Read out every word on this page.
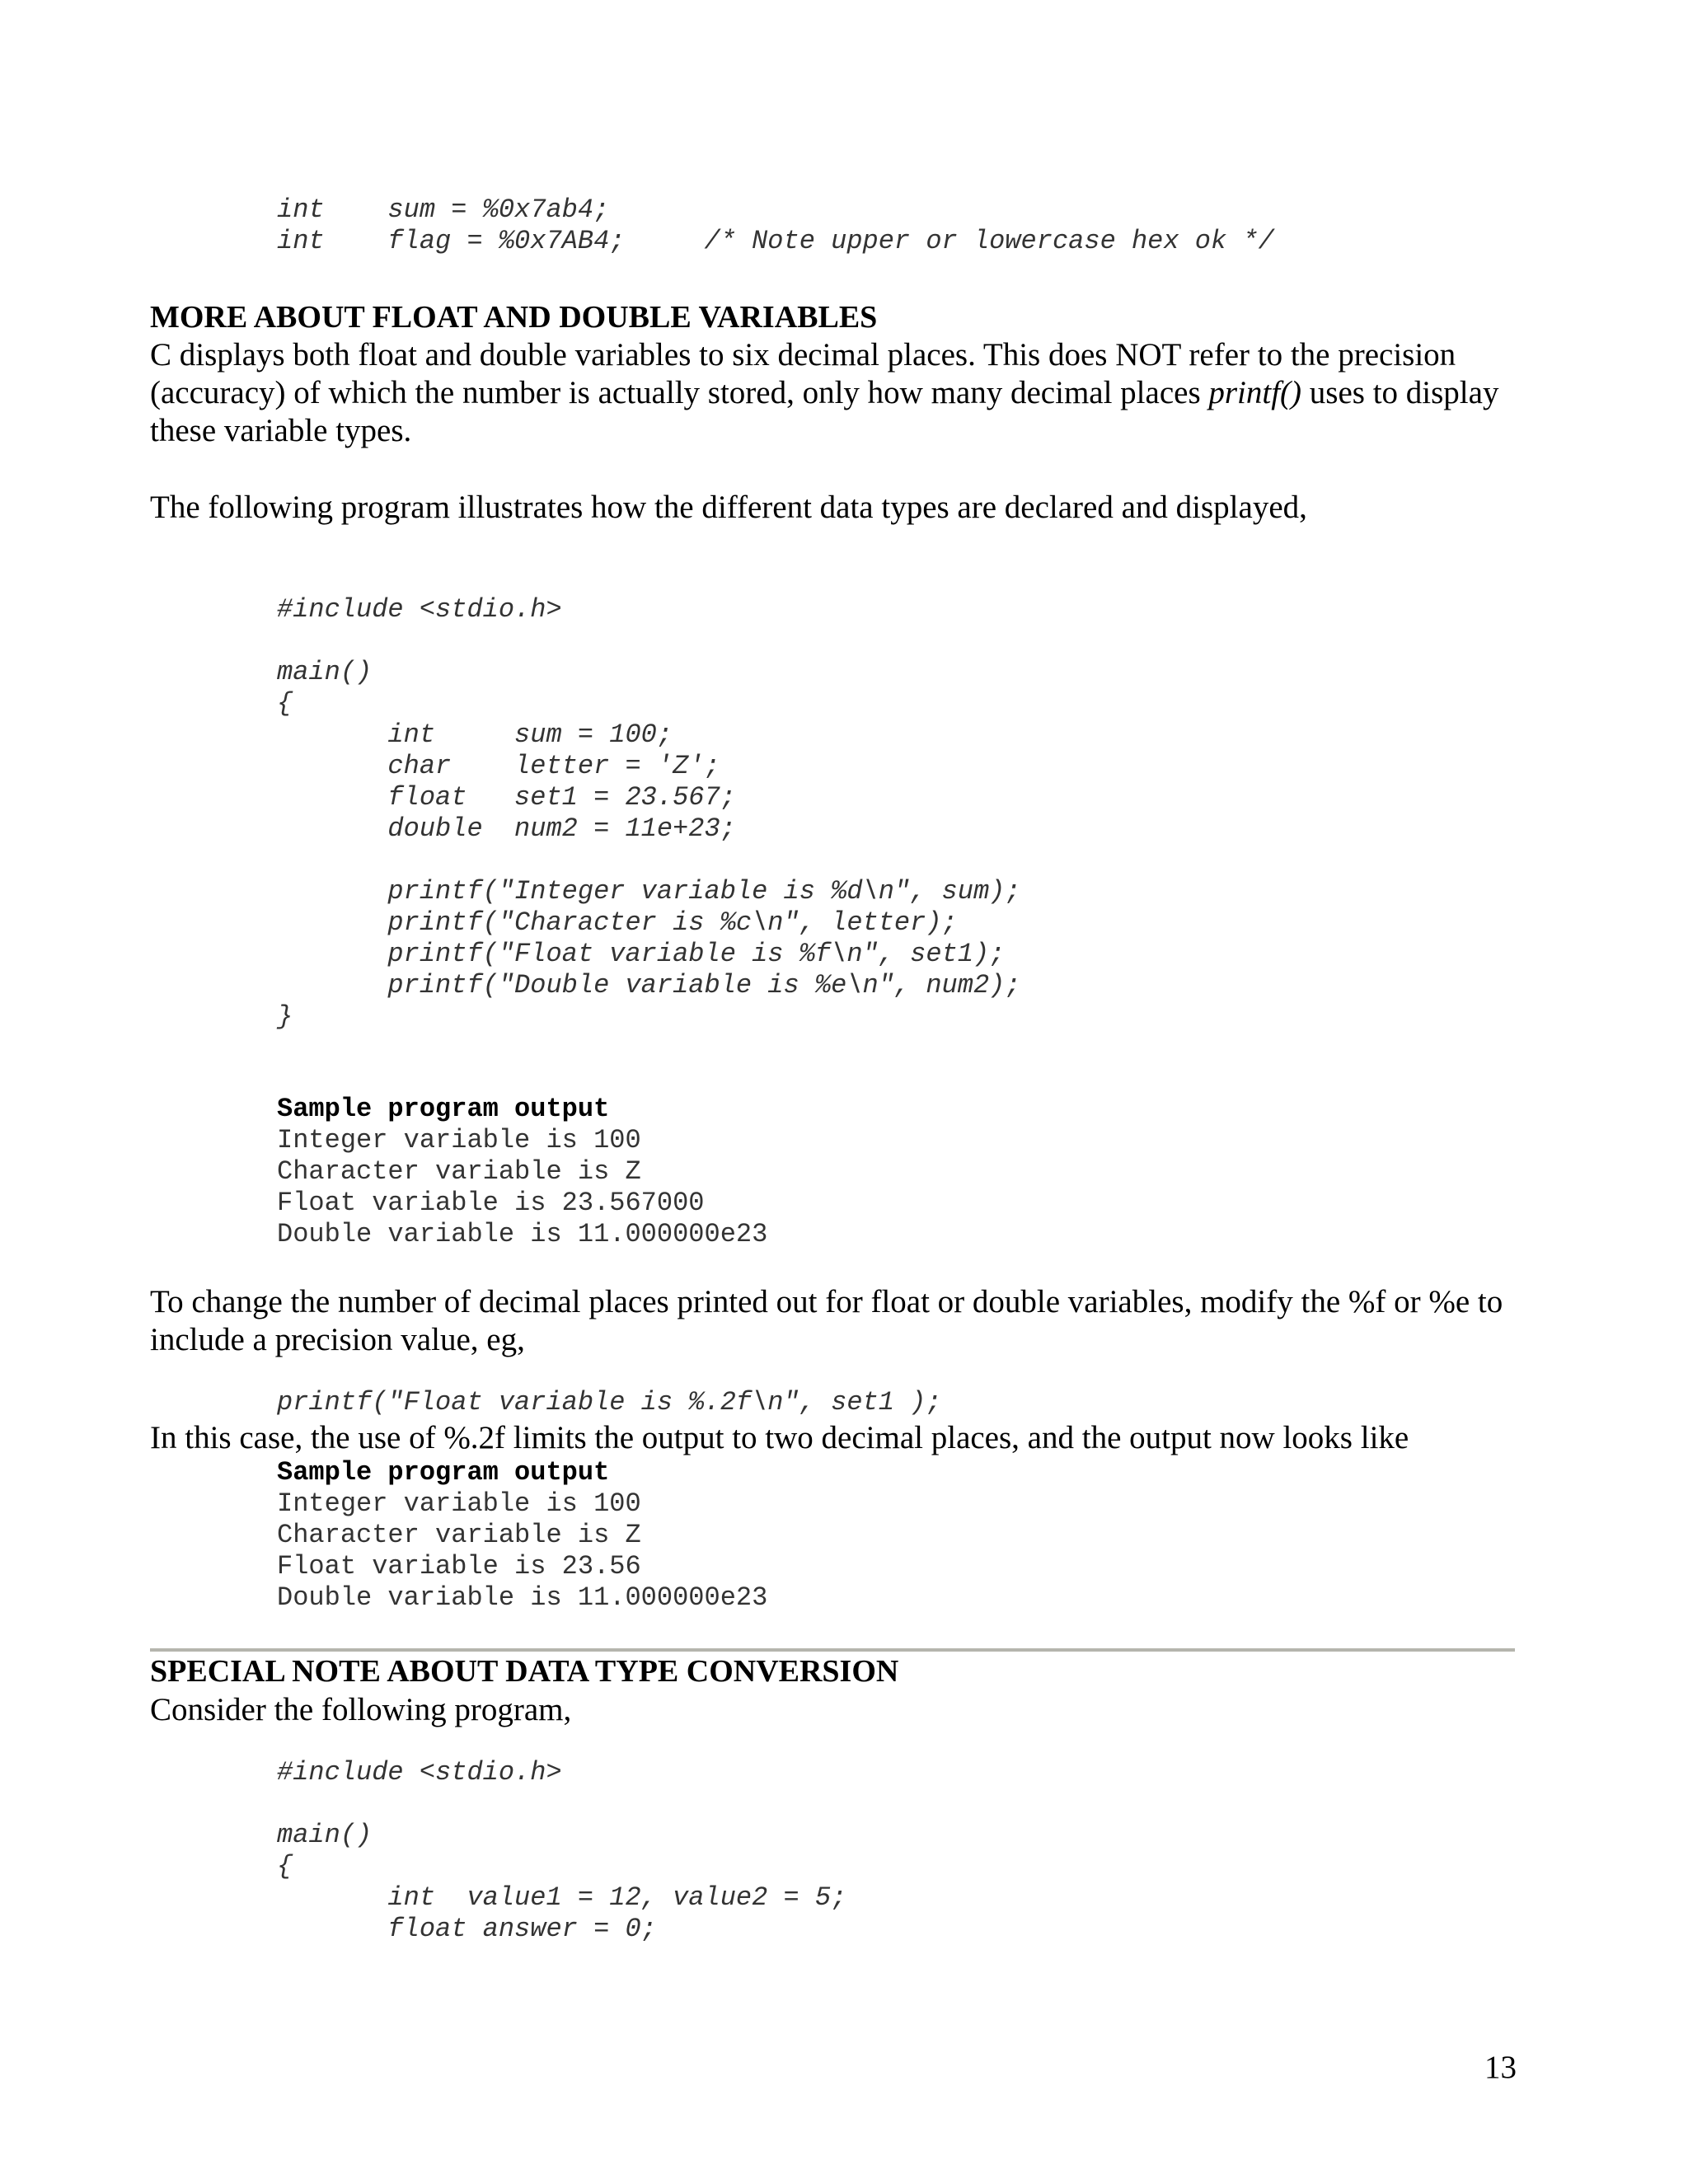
int    sum = %0x7ab4;
int    flag = %0x7AB4;     /* Note upper or lowercase hex ok */
MORE ABOUT FLOAT AND DOUBLE VARIABLES
C displays both float and double variables to six decimal places. This does NOT refer to the precision (accuracy) of which the number is actually stored, only how many decimal places printf() uses to display these variable types.
The following program illustrates how the different data types are declared and displayed,
#include <stdio.h>

main()
{
int     sum = 100;
char    letter = 'Z';
float   set1 = 23.567;
double  num2 = 11e+23;

printf("Integer variable is %d\n", sum);
printf("Character is %c\n", letter);
printf("Float variable is %f\n", set1);
printf("Double variable is %e\n", num2);
}
Sample program output
Integer variable is 100
Character variable is Z
Float variable is 23.567000
Double variable is 11.000000e23
To change the number of decimal places printed out for float or double variables, modify the %f or %e to include a precision value, eg,
printf("Float variable is %.2f\n", set1 );
In this case, the use of %.2f limits the output to two decimal places, and the output now looks like
Sample program output
Integer variable is 100
Character variable is Z
Float variable is 23.56
Double variable is 11.000000e23
SPECIAL NOTE ABOUT DATA TYPE CONVERSION
Consider the following program,
#include <stdio.h>

main()
{
int  value1 = 12, value2 = 5;
float answer = 0;
13
